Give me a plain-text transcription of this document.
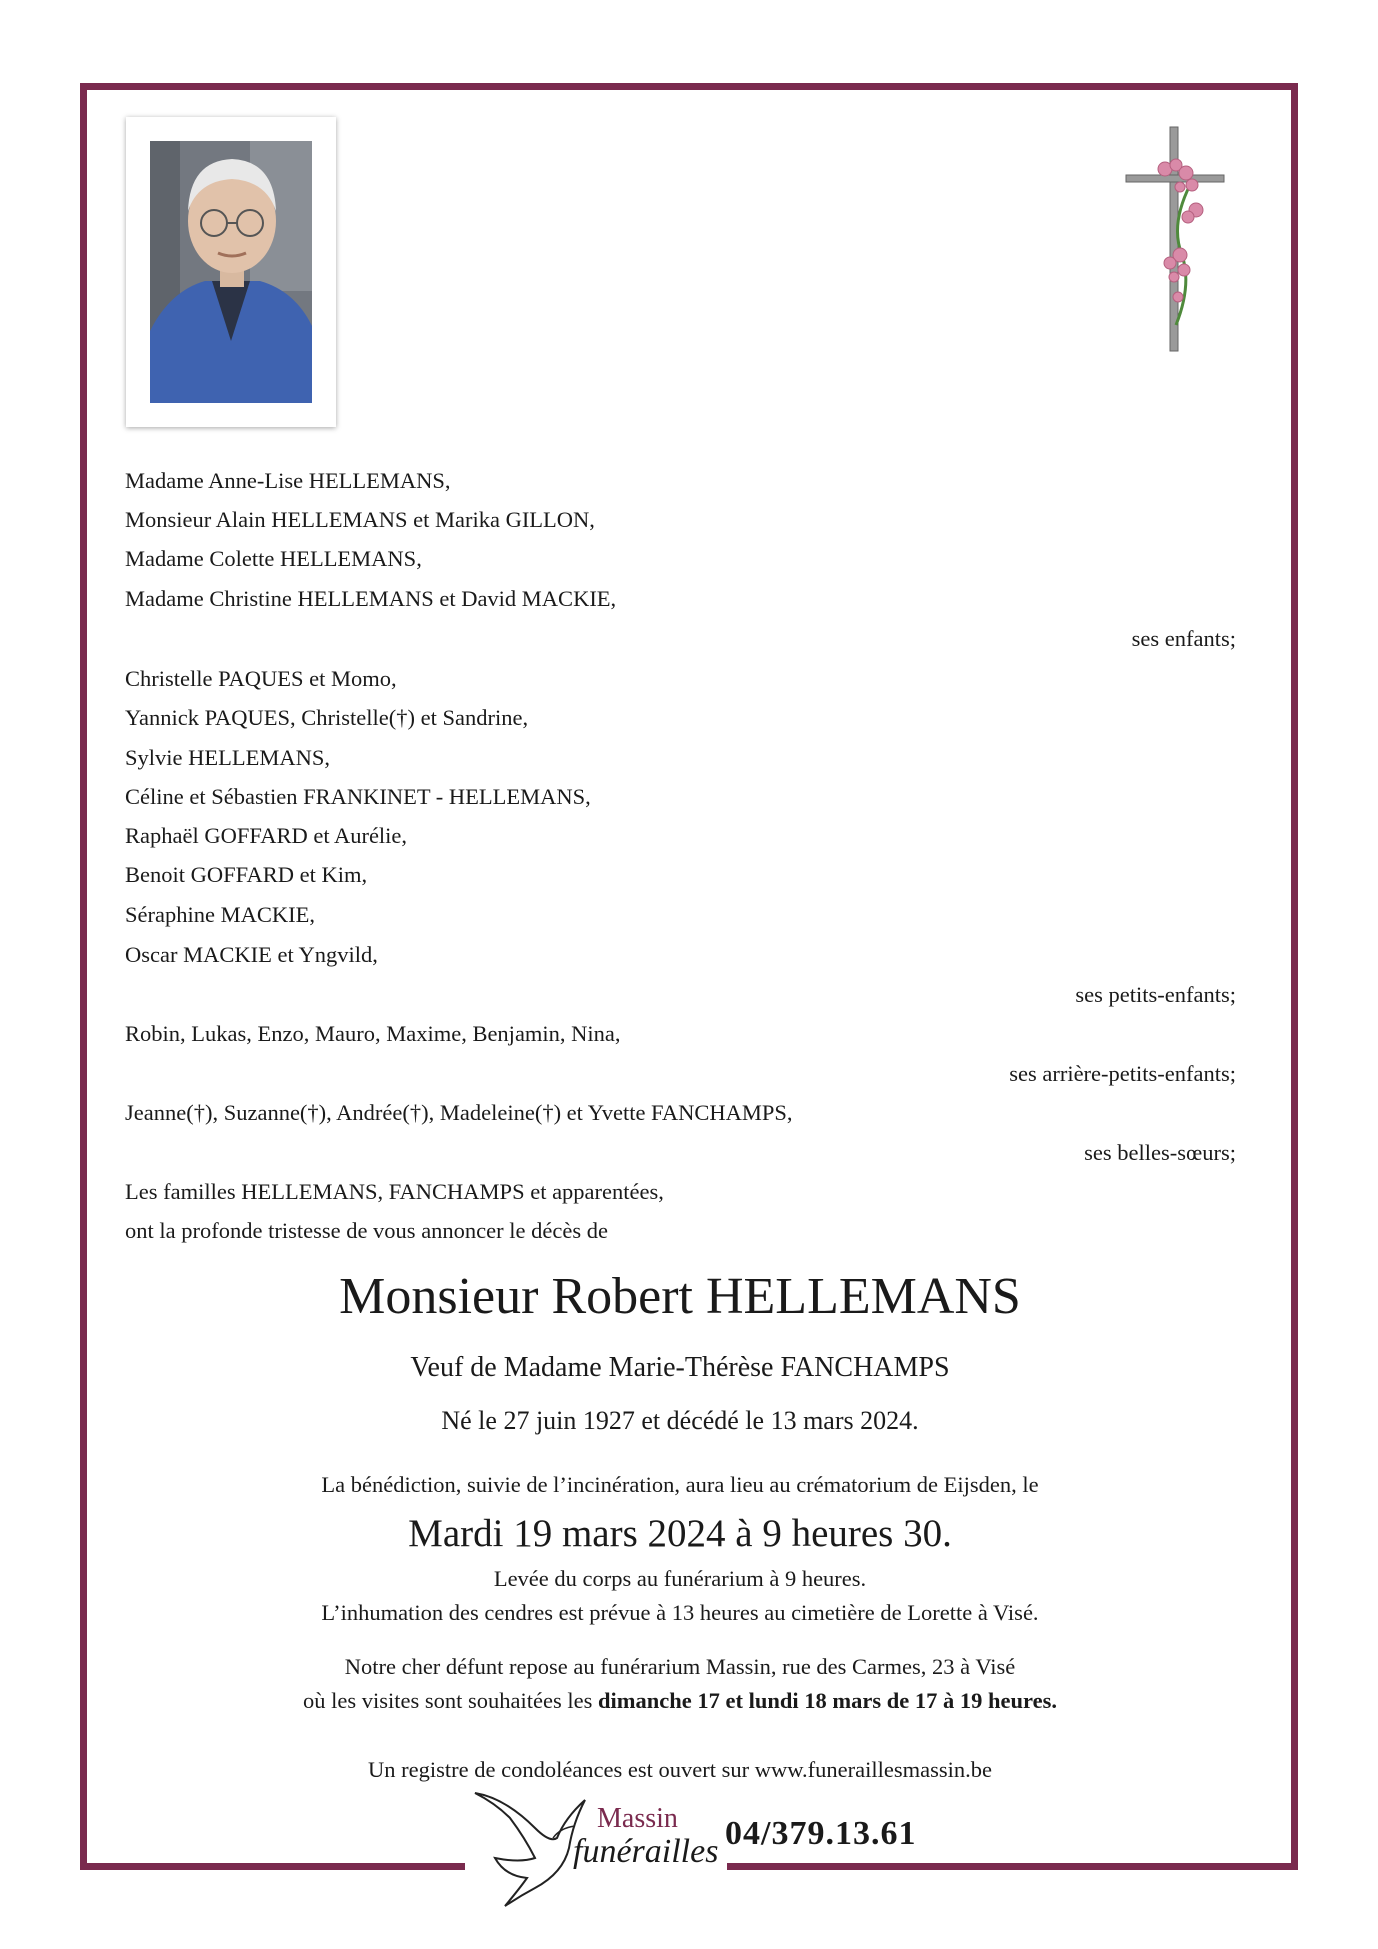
Madame Anne-Lise HELLEMANS,
Monsieur Alain HELLEMANS et Marika GILLON,
Madame Colette HELLEMANS,
Madame Christine HELLEMANS et David MACKIE,
ses enfants;
Christelle PAQUES et Momo,
Yannick PAQUES, Christelle(†) et Sandrine,
Sylvie HELLEMANS,
Céline et Sébastien FRANKINET - HELLEMANS,
Raphaël GOFFARD et Aurélie,
Benoit GOFFARD et Kim,
Séraphine MACKIE,
Oscar MACKIE et Yngvild,
ses petits-enfants;
Robin, Lukas, Enzo, Mauro, Maxime, Benjamin, Nina,
ses arrière-petits-enfants;
Jeanne(†), Suzanne(†), Andrée(†), Madeleine(†) et Yvette FANCHAMPS,
ses belles-sœurs;
Les familles HELLEMANS, FANCHAMPS et apparentées,
ont la profonde tristesse de vous annoncer le décès de
Monsieur Robert HELLEMANS
Veuf de Madame Marie-Thérèse FANCHAMPS
Né le 27 juin 1927 et décédé le 13 mars 2024.
La bénédiction, suivie de l’incinération, aura lieu au crématorium de Eijsden, le
Mardi 19 mars 2024 à 9 heures 30.
Levée du corps au funérarium à 9 heures.
L’inhumation des cendres est prévue à 13 heures au cimetière de Lorette à Visé.
Notre cher défunt repose au funérarium Massin, rue des Carmes, 23 à Visé
où les visites sont souhaitées les dimanche 17 et lundi 18 mars de 17 à 19 heures.
Un registre de condoléances est ouvert sur www.funeraillesmassin.be
Massin
funérailles 04/379.13.61
